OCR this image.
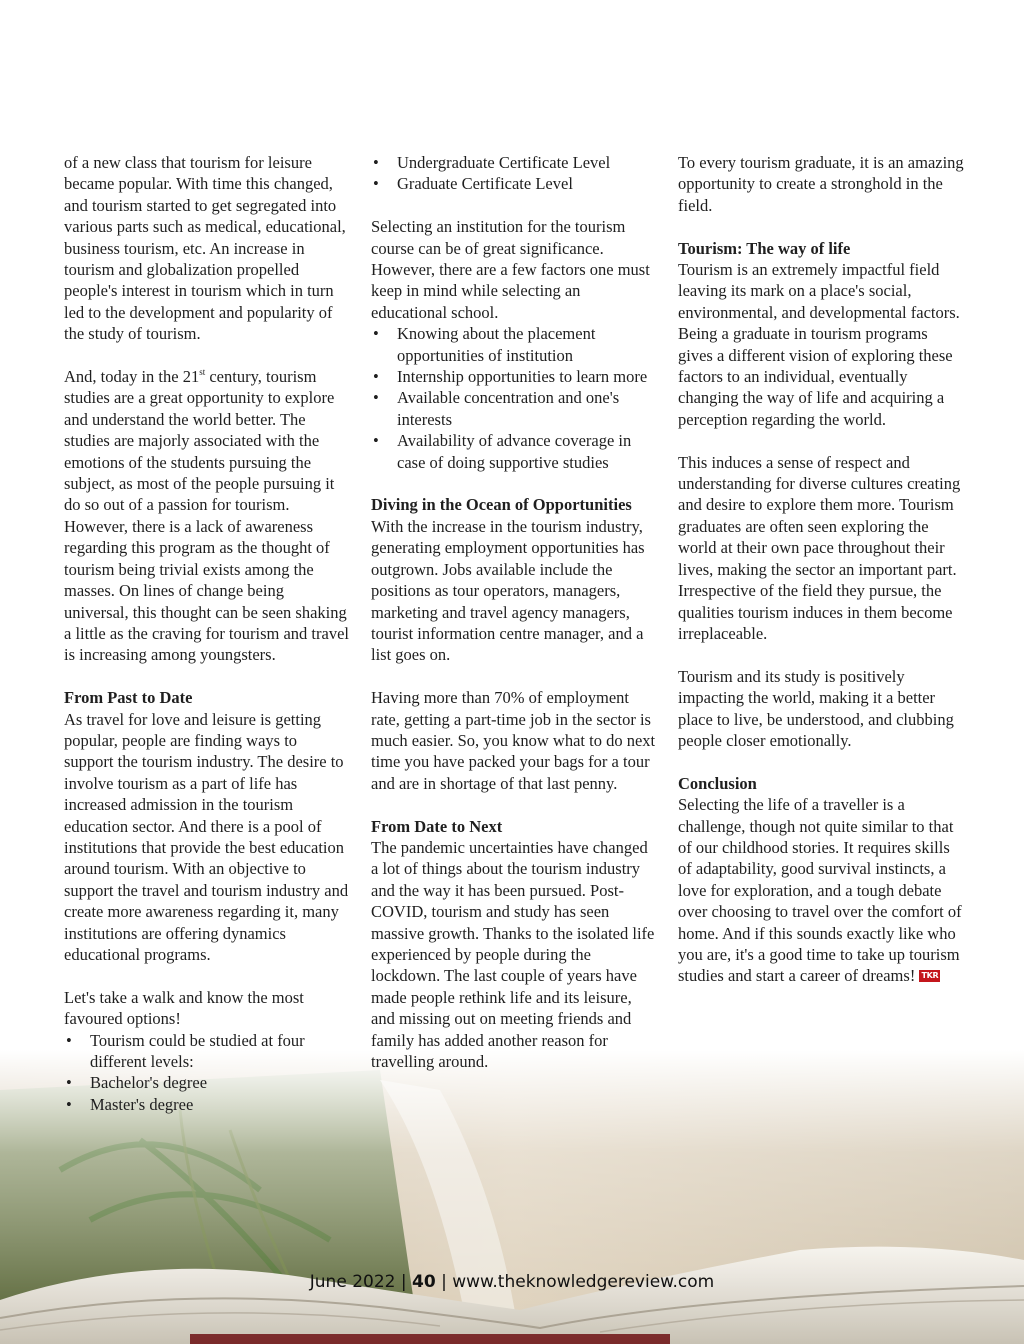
of a new class that tourism for leisure became popular. With time this changed, and tourism started to get segregated into various parts such as medical, educational, business tourism, etc. An increase in tourism and globalization propelled people's interest in tourism which in turn led to the development and popularity of the study of tourism.

And, today in the 21st century, tourism studies are a great opportunity to explore and understand the world better. The studies are majorly associated with the emotions of the students pursuing the subject, as most of the people pursuing it do so out of a passion for tourism. However, there is a lack of awareness regarding this program as the thought of tourism being trivial exists among the masses. On lines of change being universal, this thought can be seen shaking a little as the craving for tourism and travel is increasing among youngsters.

From Past to Date

As travel for love and leisure is getting popular, people are finding ways to support the tourism industry. The desire to involve tourism as a part of life has increased admission in the tourism education sector. And there is a pool of institutions that provide the best education around tourism. With an objective to support the travel and tourism industry and create more awareness regarding it, many institutions are offering dynamics educational programs.

Let's take a walk and know the most favoured options!

• Tourism could be studied at four different levels:
• Bachelor's degree
• Master's degree
• Undergraduate Certificate Level
• Graduate Certificate Level

Selecting an institution for the tourism course can be of great significance. However, there are a few factors one must keep in mind while selecting an educational school.

• Knowing about the placement opportunities of institution
• Internship opportunities to learn more
• Available concentration and one's interests
• Availability of advance coverage in case of doing supportive studies
Diving in the Ocean of Opportunities

With the increase in the tourism industry, generating employment opportunities has outgrown. Jobs available include the positions as tour operators, managers, marketing and travel agency managers, tourist information centre manager, and a list goes on.

Having more than 70% of employment rate, getting a part-time job in the sector is much easier. So, you know what to do next time you have packed your bags for a tour and are in shortage of that last penny.

From Date to Next

The pandemic uncertainties have changed a lot of things about the tourism industry and the way it has been pursued. Post-COVID, tourism and study has seen massive growth. Thanks to the isolated life experienced by people during the lockdown. The last couple of years have made people rethink life and its leisure, and missing out on meeting friends and family has added another reason for travelling around.

To every tourism graduate, it is an amazing opportunity to create a stronghold in the field.

Tourism: The way of life

Tourism is an extremely impactful field leaving its mark on a place's social, environmental, and developmental factors. Being a graduate in tourism programs gives a different vision of exploring these factors to an individual, eventually changing the way of life and acquiring a perception regarding the world.

This induces a sense of respect and understanding for diverse cultures creating and desire to explore them more. Tourism graduates are often seen exploring the world at their own pace throughout their lives, making the sector an important part. Irrespective of the field they pursue, the qualities tourism induces in them become irreplaceable.

Tourism and its study is positively impacting the world, making it a better place to live, be understood, and clubbing people closer emotionally.

Conclusion

Selecting the life of a traveller is a challenge, though not quite similar to that of our childhood stories. It requires skills of adaptability, good survival instincts, a love for exploration, and a tough debate over choosing to travel over the comfort of home. And if this sounds exactly like who you are, it's a good time to take up tourism studies and start a career of dreams! TKR

June 2022 | 40 | www.theknowledgereview.com
